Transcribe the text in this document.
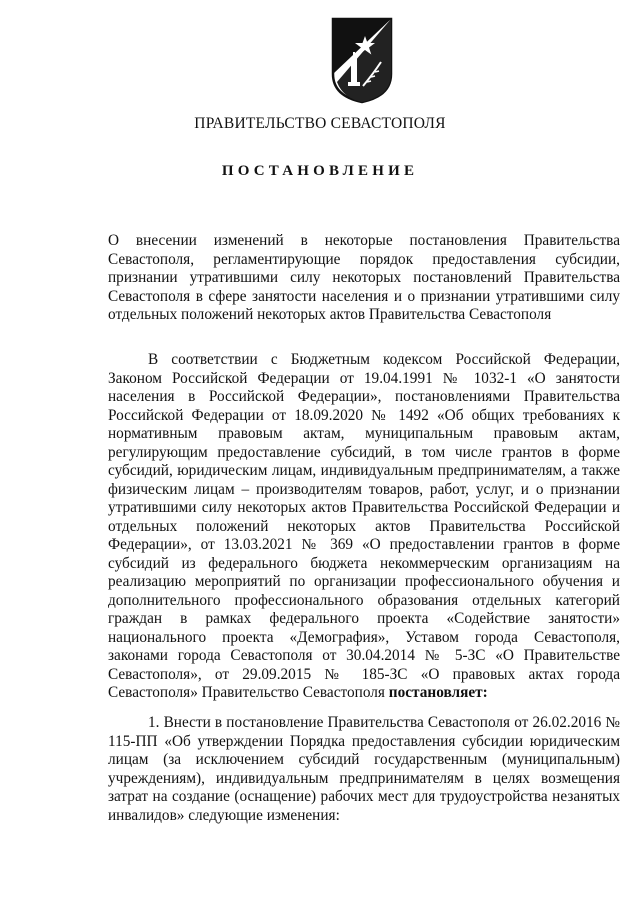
ПРАВИТЕЛЬСТВО СЕВАСТОПОЛЯ
ПОСТАНОВЛЕНИЕ
О внесении изменений в некоторые постановления Правительства Севастополя, регламентирующие порядок предоставления субсидии, признании утратившими силу некоторых постановлений Правительства Севастополя в сфере занятости населения и о признании утратившими силу отдельных положений некоторых актов Правительства Севастополя
В соответствии с Бюджетным кодексом Российской Федерации, Законом Российской Федерации от 19.04.1991 № 1032-1 «О занятости населения в Российской Федерации», постановлениями Правительства Российской Федерации от 18.09.2020 № 1492 «Об общих требованиях к нормативным правовым актам, муниципальным правовым актам, регулирующим предоставление субсидий, в том числе грантов в форме субсидий, юридическим лицам, индивидуальным предпринимателям, а также физическим лицам – производителям товаров, работ, услуг, и о признании утратившими силу некоторых актов Правительства Российской Федерации и отдельных положений некоторых актов Правительства Российской Федерации», от 13.03.2021 № 369 «О предоставлении грантов в форме субсидий из федерального бюджета некоммерческим организациям на реализацию мероприятий по организации профессионального обучения и дополнительного профессионального образования отдельных категорий граждан в рамках федерального проекта «Содействие занятости» национального проекта «Демография», Уставом города Севастополя, законами города Севастополя от 30.04.2014 № 5-ЗС «О Правительстве Севастополя», от 29.09.2015 № 185-ЗС «О правовых актах города Севастополя» Правительство Севастополя постановляет:
1. Внести в постановление Правительства Севастополя от 26.02.2016 № 115-ПП «Об утверждении Порядка предоставления субсидии юридическим лицам (за исключением субсидий государственным (муниципальным) учреждениям), индивидуальным предпринимателям в целях возмещения затрат на создание (оснащение) рабочих мест для трудоустройства незанятых инвалидов» следующие изменения:
